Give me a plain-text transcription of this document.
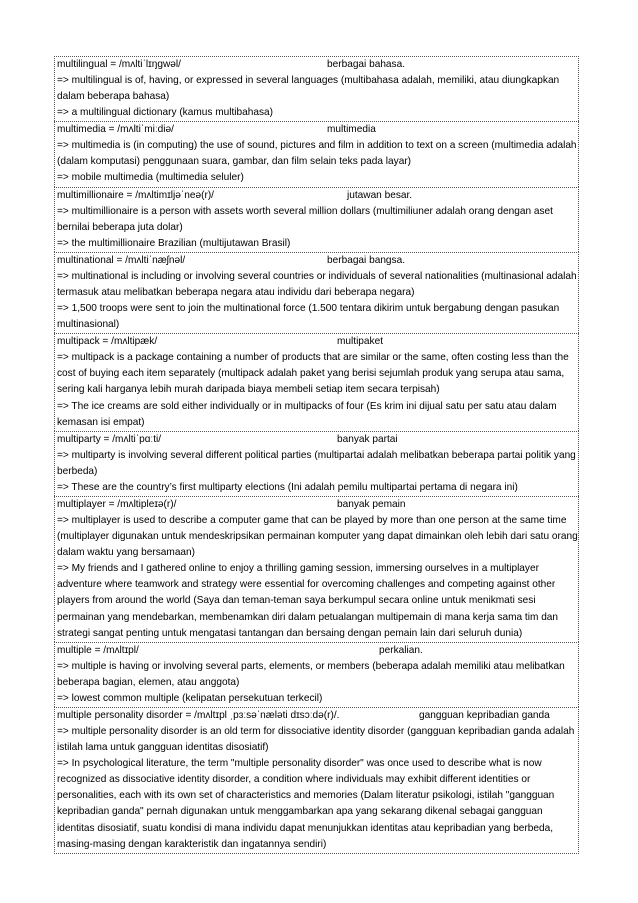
multilingual = /mʌltiˈlɪŋɡwəl/	berbagai bahasa.
=> multilingual is of, having, or expressed in several languages (multibahasa adalah, memiliki, atau diungkapkan dalam beberapa bahasa)
=> a multilingual dictionary (kamus multibahasa)
multimedia = /mʌltiˈmiːdiə/	multimedia
=> multimedia is (in computing) the use of sound, pictures and film in addition to text on a screen (multimedia adalah (dalam komputasi) penggunaan suara, gambar, dan film selain teks pada layar)
=> mobile multimedia (multimedia seluler)
multimillionaire = /mʌltimɪljəˈneə(r)/	jutawan besar.
=> multimillionaire is a person with assets worth several million dollars (multimiliuner adalah orang dengan aset bernilai beberapa juta dolar)
=> the multimillionaire Brazilian (multijutawan Brasil)
multinational = /mʌltiˈnæʃnəl/	berbagai bangsa.
=> multinational is including or involving several countries or individuals of several nationalities (multinasional adalah termasuk atau melibatkan beberapa negara atau individu dari beberapa negara)
=> 1,500 troops were sent to join the multinational force (1.500 tentara dikirim untuk bergabung dengan pasukan multinasional)
multipack = /mʌltipæk/	multipaket
=> multipack is a package containing a number of products that are similar or the same, often costing less than the cost of buying each item separately (multipack adalah paket yang berisi sejumlah produk yang serupa atau sama, sering kali harganya lebih murah daripada biaya membeli setiap item secara terpisah)
=> The ice creams are sold either individually or in multipacks of four (Es krim ini dijual satu per satu atau dalam kemasan isi empat)
multiparty = /mʌltiˈpɑːti/	banyak partai
=> multiparty is involving several different political parties (multipartai adalah melibatkan beberapa partai politik yang berbeda)
=> These are the country’s first multiparty elections (Ini adalah pemilu multipartai pertama di negara ini)
multiplayer = /mʌltipleɪə(r)/	banyak pemain
=> multiplayer is used to describe a computer game that can be played by more than one person at the same time (multiplayer digunakan untuk mendeskripsikan permainan komputer yang dapat dimainkan oleh lebih dari satu orang dalam waktu yang bersamaan)
=> My friends and I gathered online to enjoy a thrilling gaming session, immersing ourselves in a multiplayer adventure where teamwork and strategy were essential for overcoming challenges and competing against other players from around the world (Saya dan teman-teman saya berkumpul secara online untuk menikmati sesi permainan yang mendebarkan, membenamkan diri dalam petualangan multipemain di mana kerja sama tim dan strategi sangat penting untuk mengatasi tantangan dan bersaing dengan pemain lain dari seluruh dunia)
multiple = /mʌltɪpl/	perkalian.
=> multiple is having or involving several parts, elements, or members (beberapa adalah memiliki atau melibatkan beberapa bagian, elemen, atau anggota)
=> lowest common multiple (kelipatan persekutuan terkecil)
multiple personality disorder = /mʌltɪpl ˌpɜːsəˈnæləti dɪsɔːdə(r)/.	gangguan kepribadian ganda
=> multiple personality disorder is an old term for dissociative identity disorder (gangguan kepribadian ganda adalah istilah lama untuk gangguan identitas disosiatif)
=> In psychological literature, the term "multiple personality disorder" was once used to describe what is now recognized as dissociative identity disorder, a condition where individuals may exhibit different identities or personalities, each with its own set of characteristics and memories (Dalam literatur psikologi, istilah "gangguan kepribadian ganda" pernah digunakan untuk menggambarkan apa yang sekarang dikenal sebagai gangguan identitas disosiatif, suatu kondisi di mana individu dapat menunjukkan identitas atau kepribadian yang berbeda, masing-masing dengan karakteristik dan ingatannya sendiri)
